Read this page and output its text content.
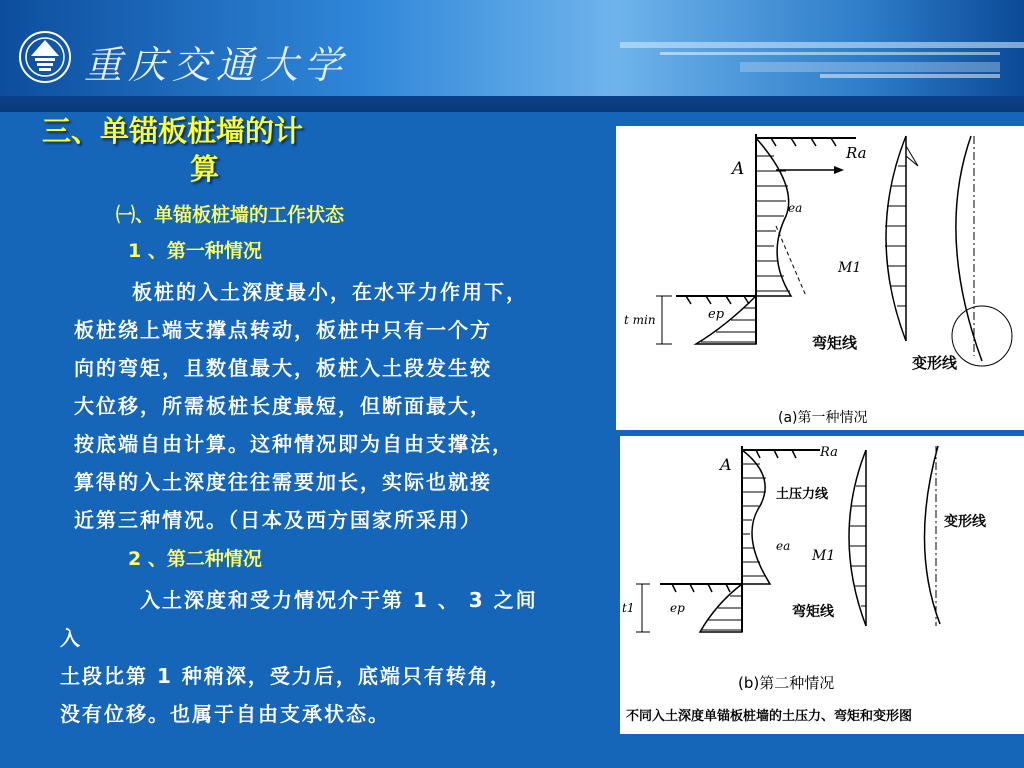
重庆交通大学
三、单锚板桩墙的计
算
㈠、单锚板桩墙的工作状态
1 、第一种情况
板桩的入土深度最小，在水平力作用下，
板桩绕上端支撑点转动，板桩中只有一个方
向的弯矩，且数值最大，板桩入土段发生较
大位移，所需板桩长度最短，但断面最大，
按底端自由计算。这种情况即为自由支撑法，
算得的入土深度往往需要加长，实际也就接
近第三种情况。（日本及西方国家所采用）
2 、第二种情况
入土深度和受力情况介于第 1 、 3 之间
入
土段比第 1 种稍深，受力后，底端只有转角，
没有位移。也属于自由支承状态。
A
Ra
ea
ep
t min
M1
弯矩线
变形线
(a)第一种情况
A
Ra
土压力线
ea
ep
t1
M1
弯矩线
变形线
(b)第二种情况
不同入土深度单锚板桩墙的土压力、弯矩和变形图
